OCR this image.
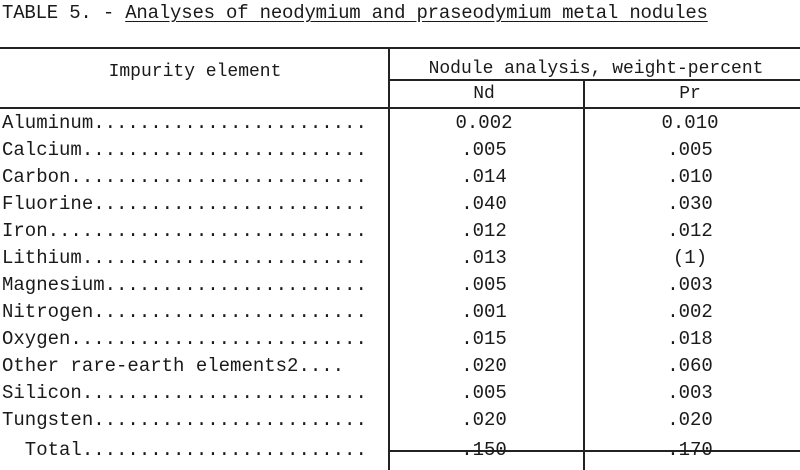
TABLE 5. - Analyses of neodymium and praseodymium metal nodules
Impurity element	Nodule analysis, weight-percent
Nd	Pr
Aluminum........................	0.002	0.010
Calcium.........................	.005	.005
Carbon..........................	.014	.010
Fluorine........................	.040	.030
Iron............................	.012	.012
Lithium.........................	.013	(1)
Magnesium.......................	.005	.003
Nitrogen........................	.001	.002
Oxygen..........................	.015	.018
Other rare-earth elements2....	.020	.060
Silicon.........................	.005	.003
Tungsten........................	.020	.020
Total.........................	.150	.170
